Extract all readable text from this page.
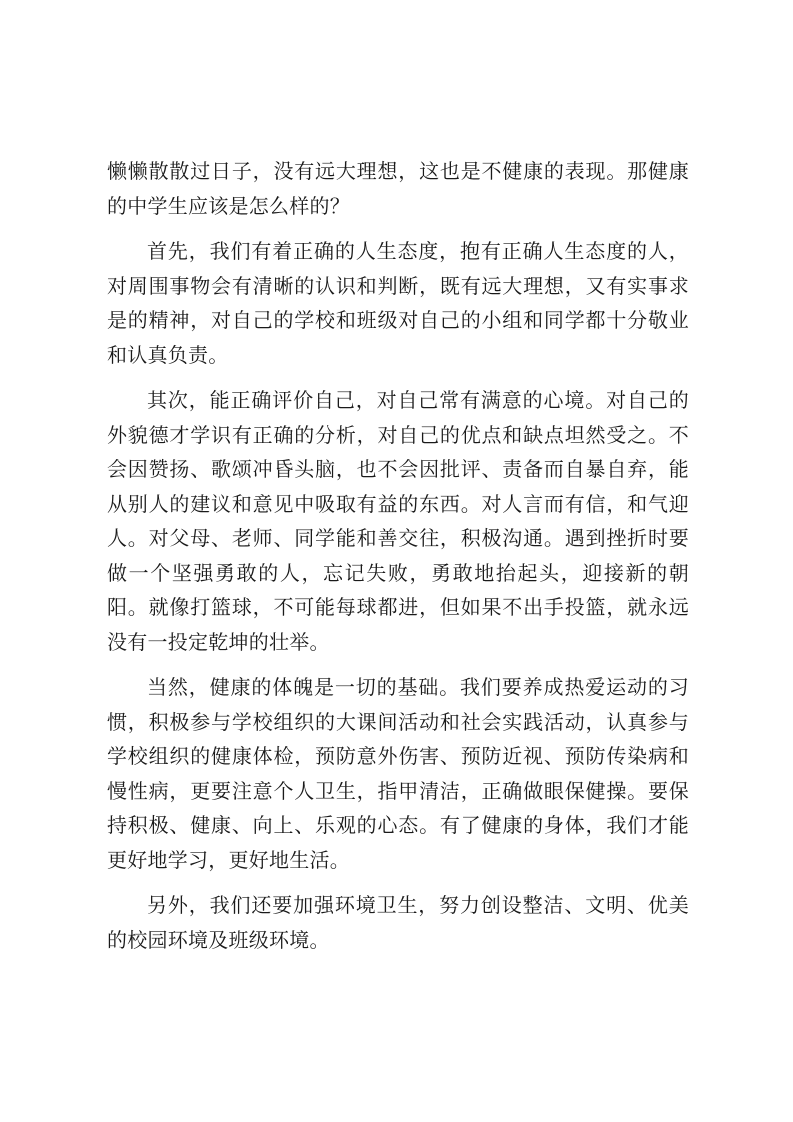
懒懒散散过日子，没有远大理想，这也是不健康的表现。那健康的中学生应该是怎么样的？

首先，我们有着正确的人生态度，抱有正确人生态度的人，对周围事物会有清晰的认识和判断，既有远大理想，又有实事求是的精神，对自己的学校和班级对自己的小组和同学都十分敬业和认真负责。

其次，能正确评价自己，对自己常有满意的心境。对自己的外貌德才学识有正确的分析，对自己的优点和缺点坦然受之。不会因赞扬、歌颂冲昏头脑，也不会因批评、责备而自暴自弃，能从别人的建议和意见中吸取有益的东西。对人言而有信，和气迎人。对父母、老师、同学能和善交往，积极沟通。遇到挫折时要做一个坚强勇敢的人，忘记失败，勇敢地抬起头，迎接新的朝阳。就像打篮球，不可能每球都进，但如果不出手投篮，就永远没有一投定乾坤的壮举。

当然，健康的体魄是一切的基础。我们要养成热爱运动的习惯，积极参与学校组织的大课间活动和社会实践活动，认真参与学校组织的健康体检，预防意外伤害、预防近视、预防传染病和慢性病，更要注意个人卫生，指甲清洁，正确做眼保健操。要保持积极、健康、向上、乐观的心态。有了健康的身体，我们才能更好地学习，更好地生活。

另外，我们还要加强环境卫生，努力创设整洁、文明、优美的校园环境及班级环境。
